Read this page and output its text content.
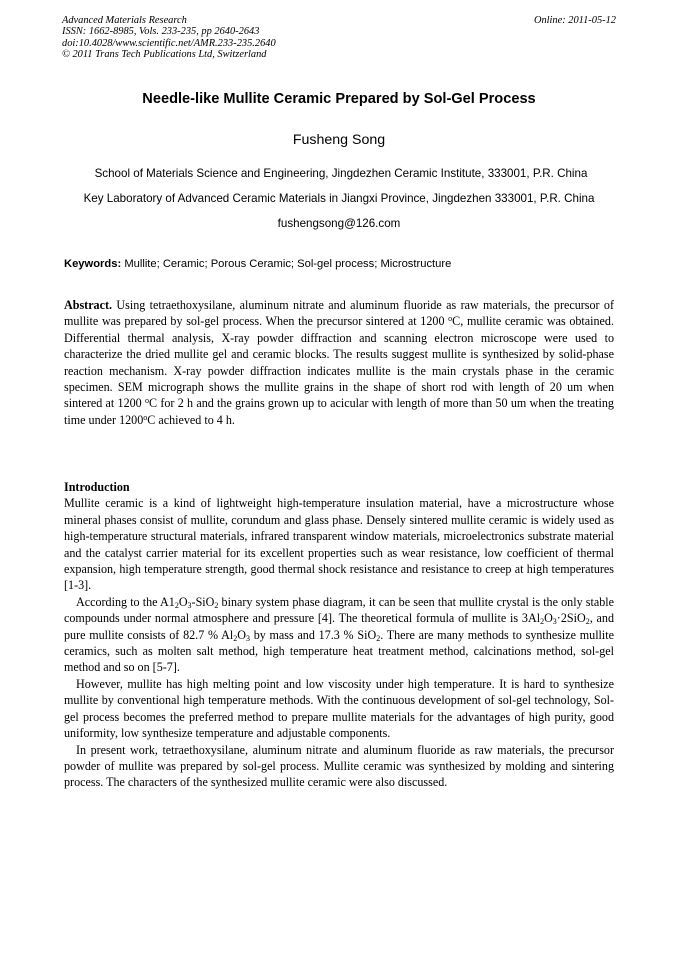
Advanced Materials Research
ISSN: 1662-8985, Vols. 233-235, pp 2640-2643
doi:10.4028/www.scientific.net/AMR.233-235.2640
© 2011 Trans Tech Publications Ltd, Switzerland
Online: 2011-05-12
Needle-like Mullite Ceramic Prepared by Sol-Gel Process
Fusheng Song
School of Materials Science and Engineering, Jingdezhen Ceramic Institute, 333001, P.R. China
Key Laboratory of Advanced Ceramic Materials in Jiangxi Province, Jingdezhen 333001, P.R. China
fushengsong@126.com
Keywords: Mullite; Ceramic; Porous Ceramic; Sol-gel process; Microstructure
Abstract. Using tetraethoxysilane, aluminum nitrate and aluminum fluoride as raw materials, the precursor of mullite was prepared by sol-gel process. When the precursor sintered at 1200 $^o$C, mullite ceramic was obtained. Differential thermal analysis, X-ray powder diffraction and scanning electron microscope were used to characterize the dried mullite gel and ceramic blocks. The results suggest mullite is synthesized by solid-phase reaction mechanism. X-ray powder diffraction indicates mullite is the main crystals phase in the ceramic specimen. SEM micrograph shows the mullite grains in the shape of short rod with length of 20 um when sintered at 1200 $^o$C for 2 h and the grains grown up to acicular with length of more than 50 um when the treating time under 1200$^o$C achieved to 4 h.
Introduction

Mullite ceramic is a kind of lightweight high-temperature insulation material, have a microstructure whose mineral phases consist of mullite, corundum and glass phase. Densely sintered mullite ceramic is widely used as high-temperature structural materials, infrared transparent window materials, microelectronics substrate material and the catalyst carrier material for its excellent properties such as wear resistance, low coefficient of thermal expansion, high temperature strength, good thermal shock resistance and resistance to creep at high temperatures [1-3].

According to the $A1_2O_3-SiO_2$ binary system phase diagram, it can be seen that mullite crystal is the only stable compounds under normal atmosphere and pressure [4]. The theoretical formula of mullite is $3Al_2O_3\cdot 2SiO_2$, and pure mullite consists of 82.7 % $Al_2O_3$ by mass and 17.3 % SiO$_2$. There are many methods to synthesize mullite ceramics, such as molten salt method, high temperature heat treatment method, calcinations method, sol-gel method and so on [5-7].

However, mullite has high melting point and low viscosity under high temperature. It is hard to synthesize mullite by conventional high temperature methods. With the continuous development of sol-gel technology, Sol-gel process becomes the preferred method to prepare mullite materials for the advantages of high purity, good uniformity, low synthesize temperature and adjustable components.

In present work, tetraethoxysilane, aluminum nitrate and aluminum fluoride as raw materials, the precursor powder of mullite was prepared by sol-gel process. Mullite ceramic was synthesized by molding and sintering process. The characters of the synthesized mullite ceramic were also discussed.
